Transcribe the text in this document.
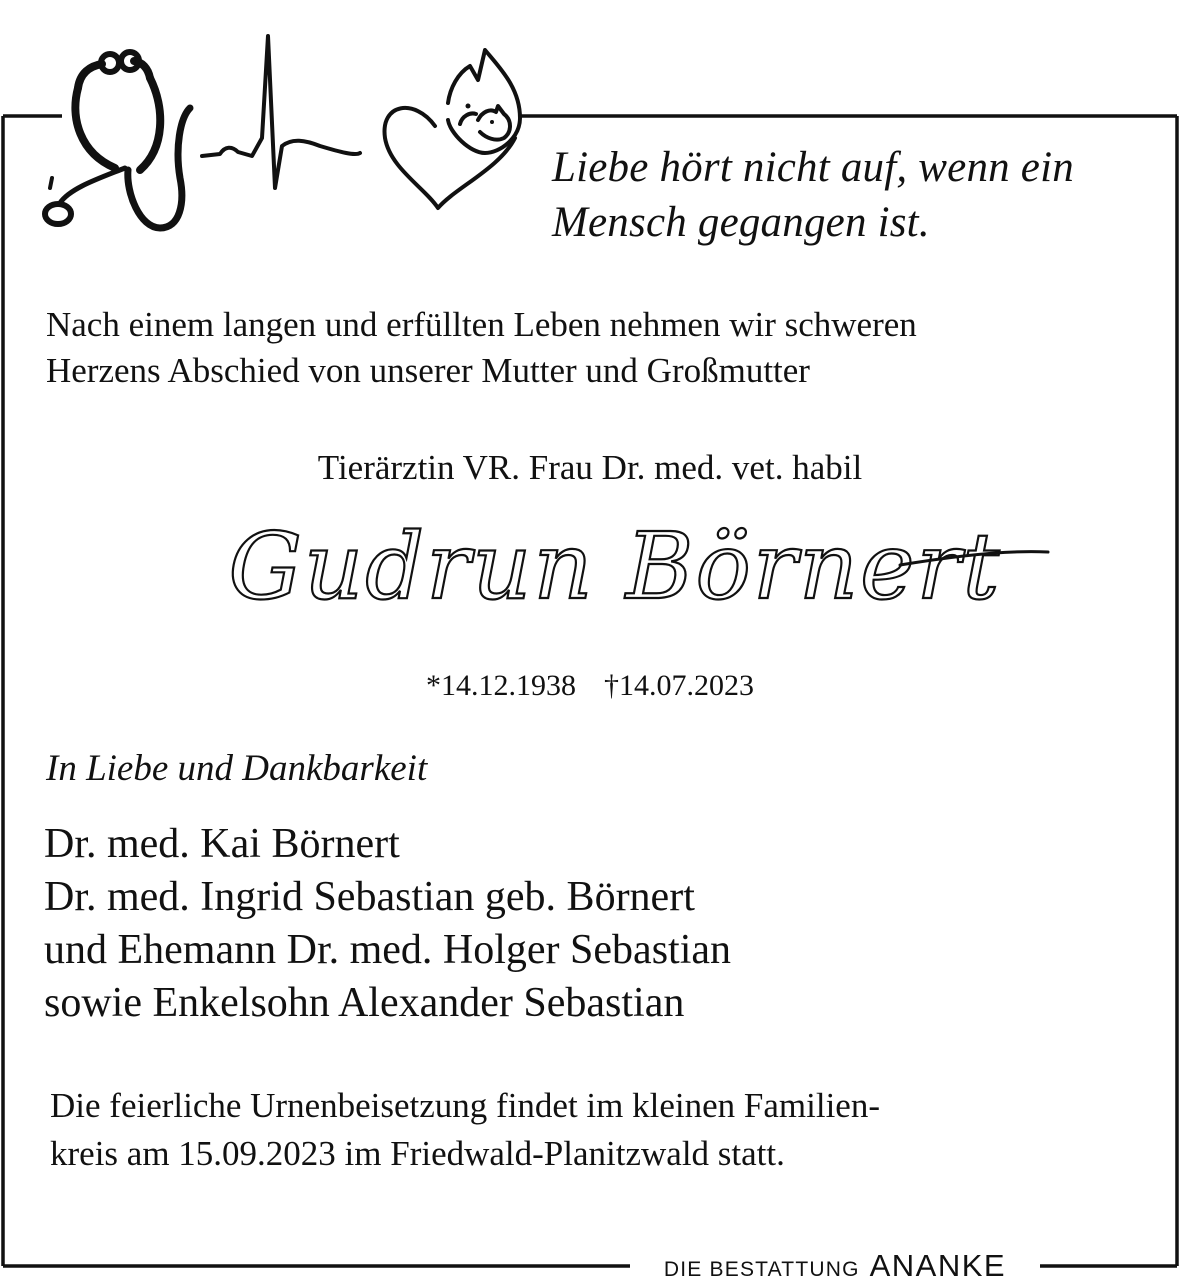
Liebe hört nicht auf, wenn ein
Mensch gegangen ist.
Nach einem langen und erfüllten Leben nehmen wir schweren
Herzens Abschied von unserer Mutter und Großmutter
Tierärztin VR. Frau Dr. med. vet. habil
Gudrun Börnert
*14.12.1938 †14.07.2023
In Liebe und Dankbarkeit
Dr. med. Kai Börnert
Dr. med. Ingrid Sebastian geb. Börnert
und Ehemann Dr. med. Holger Sebastian
sowie Enkelsohn Alexander Sebastian
Die feierliche Urnenbeisetzung findet im kleinen Familien-
kreis am 15.09.2023 im Friedwald-Planitzwald statt.
DIE BESTATTUNG ANANKE
